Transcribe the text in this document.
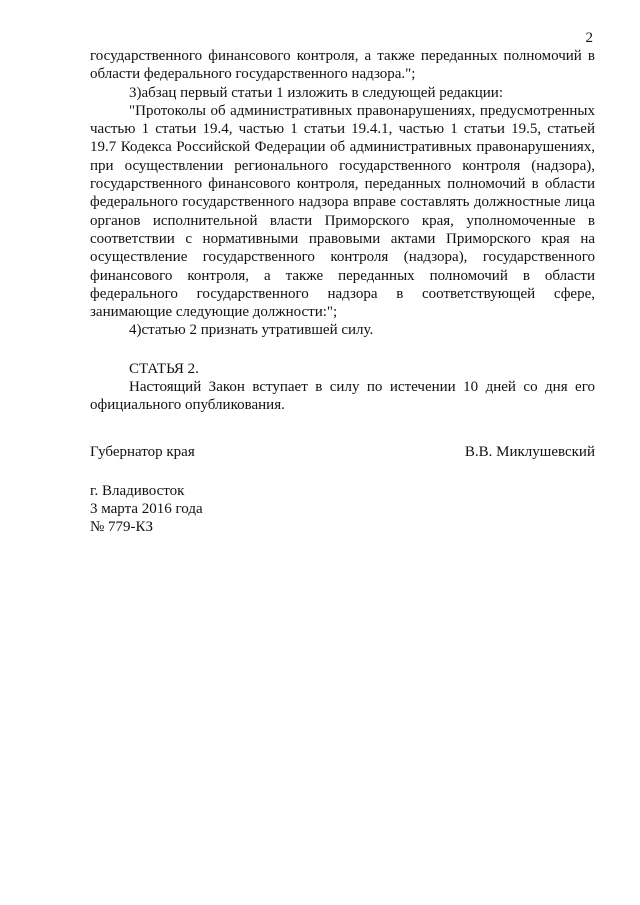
2

государственного финансового контроля, а также переданных полномочий в области федерального государственного надзора.";

3)абзац первый статьи 1 изложить в следующей редакции:

"Протоколы об административных правонарушениях, предусмотренных частью 1 статьи 19.4, частью 1 статьи 19.4.1, частью 1 статьи 19.5, статьей 19.7 Кодекса Российской Федерации об административных правонарушениях, при осуществлении регионального государственного контроля (надзора), государственного финансового контроля, переданных полномочий в области федерального государственного надзора вправе составлять должностные лица органов исполнительной власти Приморского края, уполномоченные в соответствии с нормативными правовыми актами Приморского края на осуществление государственного контроля (надзора), государственного финансового контроля, а также переданных полномочий в области федерального государственного надзора в соответствующей сфере, занимающие следующие должности:";

4)статью 2 признать утратившей силу.

СТАТЬЯ 2.

Настоящий Закон вступает в силу по истечении 10 дней со дня его официального опубликования.

Губернатор края	В.В. Миклушевский
г. Владивосток
3 марта 2016 года
№ 779-КЗ
